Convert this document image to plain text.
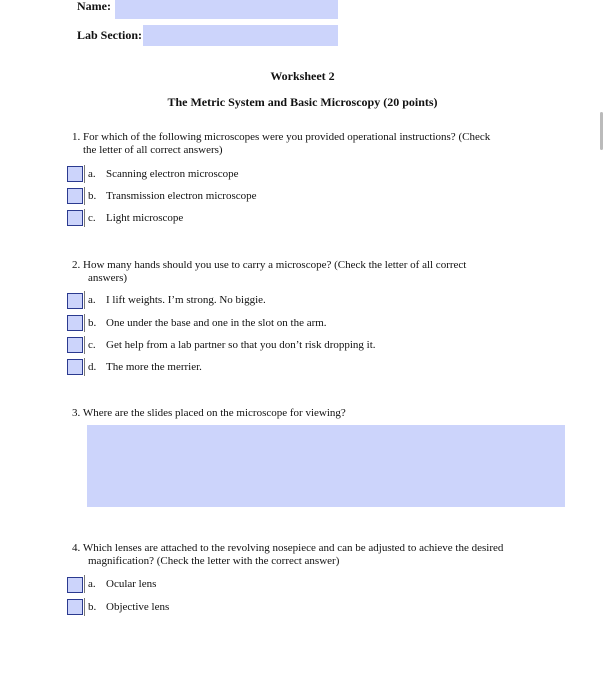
Name:
Lab Section:
Worksheet 2
The Metric System and Basic Microscopy (20 points)
1. For which of the following microscopes were you provided operational instructions? (Check
the letter of all correct answers)
a. Scanning electron microscope
b. Transmission electron microscope
c. Light microscope
2. How many hands should you use to carry a microscope? (Check the letter of all correct
answers)
a. I lift weights. I’m strong. No biggie.
b. One under the base and one in the slot on the arm.
c. Get help from a lab partner so that you don’t risk dropping it.
d. The more the merrier.
3. Where are the slides placed on the microscope for viewing?
4. Which lenses are attached to the revolving nosepiece and can be adjusted to achieve the desired
magnification? (Check the letter with the correct answer)
a. Ocular lens
b. Objective lens
